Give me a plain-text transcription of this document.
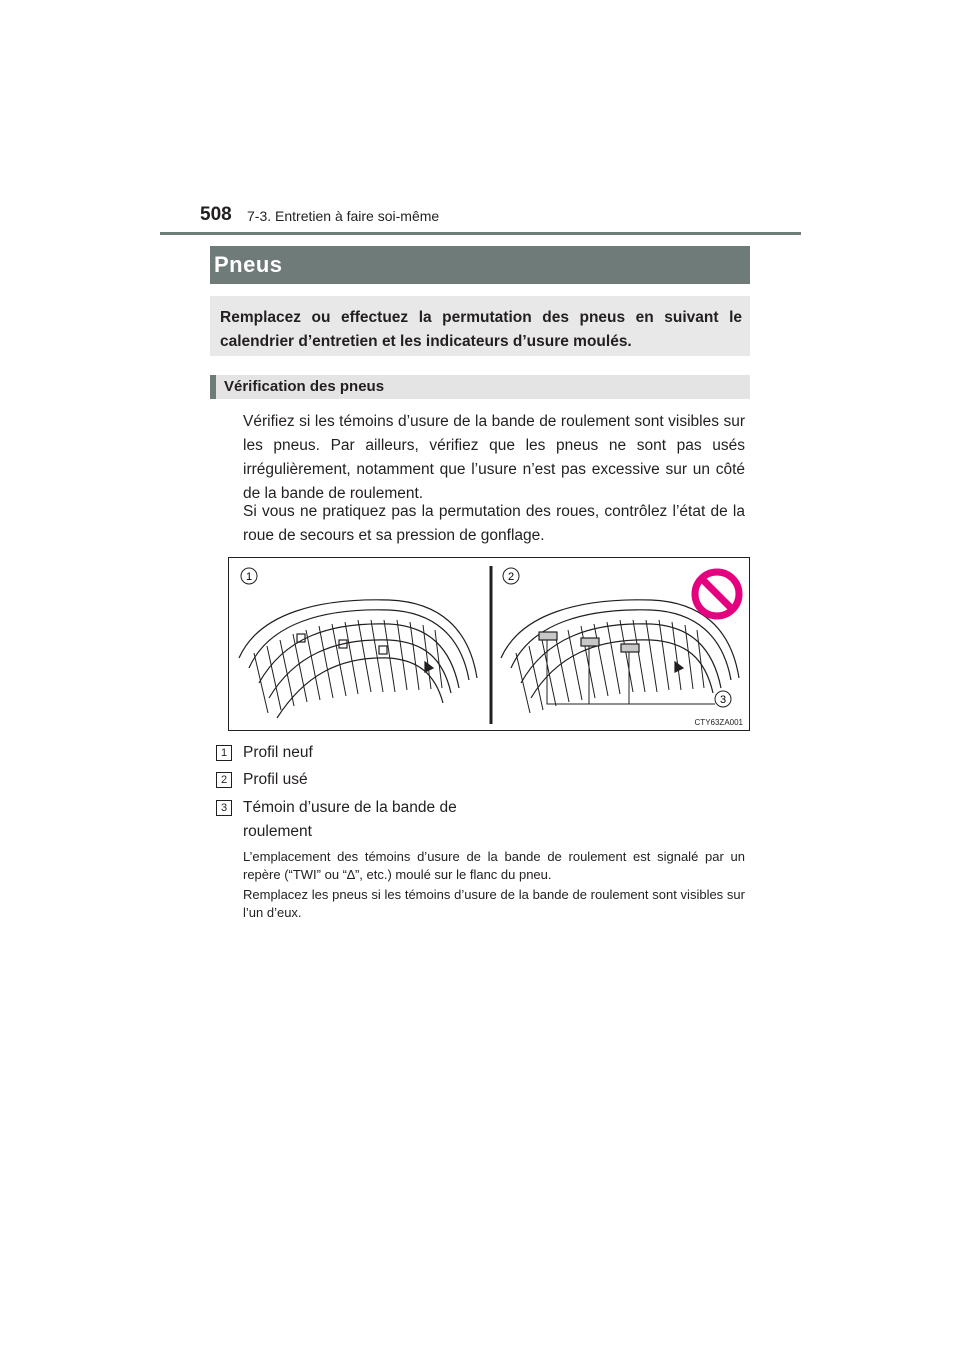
508 7-3. Entretien à faire soi-même
Pneus
Remplacez ou effectuez la permutation des pneus en suivant le calendrier d’entretien et les indicateurs d’usure moulés.
Vérification des pneus

Vérifiez si les témoins d’usure de la bande de roulement sont visibles sur les pneus. Par ailleurs, vérifiez que les pneus ne sont pas usés irrégulièrement, notamment que l’usure n’est pas excessive sur un côté de la bande de roulement.

Si vous ne pratiquez pas la permutation des roues, contrôlez l’état de la roue de secours et sa pression de gonflage.

1	2
3
CTY63ZA001
1	Profil neuf
2	Profil usé
3	Témoin d’usure de la bande de roulement

L’emplacement des témoins d’usure de la bande de roulement est signalé par un repère (“TWI” ou “∆”, etc.) moulé sur le flanc du pneu.

Remplacez les pneus si les témoins d’usure de la bande de roulement sont visibles sur l’un d’eux.
